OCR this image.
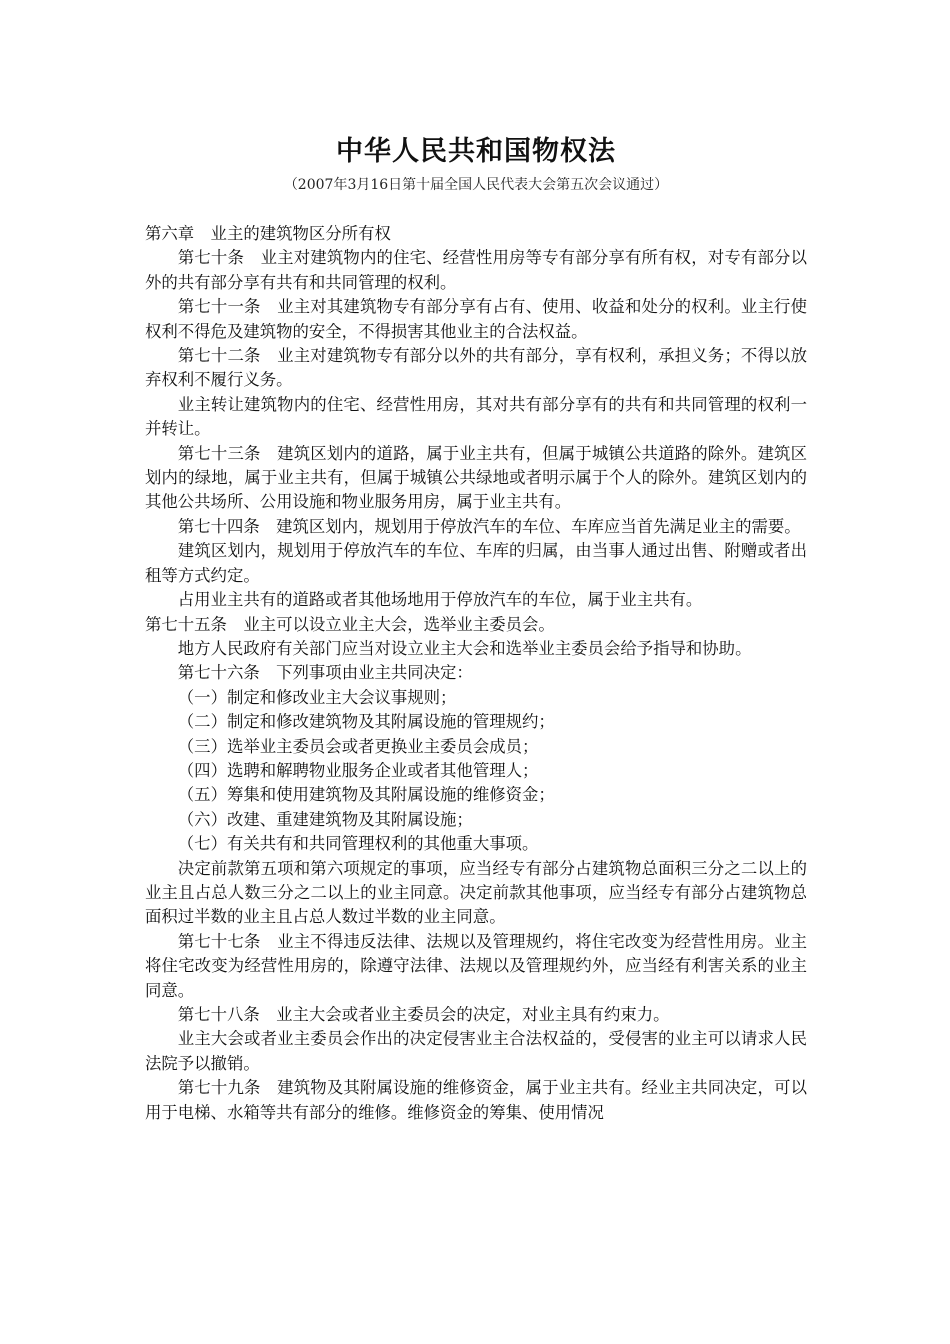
中华人民共和国物权法
（2007年3月16日第十届全国人民代表大会第五次会议通过）

第六章　业主的建筑物区分所有权

第七十条　业主对建筑物内的住宅、经营性用房等专有部分享有所有权，对专有部分以外的共有部分享有共有和共同管理的权利。

第七十一条　业主对其建筑物专有部分享有占有、使用、收益和处分的权利。业主行使权利不得危及建筑物的安全，不得损害其他业主的合法权益。

第七十二条　业主对建筑物专有部分以外的共有部分，享有权利，承担义务；不得以放弃权利不履行义务。

业主转让建筑物内的住宅、经营性用房，其对共有部分享有的共有和共同管理的权利一并转让。

第七十三条　建筑区划内的道路，属于业主共有，但属于城镇公共道路的除外。建筑区划内的绿地，属于业主共有，但属于城镇公共绿地或者明示属于个人的除外。建筑区划内的其他公共场所、公用设施和物业服务用房，属于业主共有。

第七十四条　建筑区划内，规划用于停放汽车的车位、车库应当首先满足业主的需要。

建筑区划内，规划用于停放汽车的车位、车库的归属，由当事人通过出售、附赠或者出租等方式约定。

占用业主共有的道路或者其他场地用于停放汽车的车位，属于业主共有。

第七十五条　业主可以设立业主大会，选举业主委员会。

地方人民政府有关部门应当对设立业主大会和选举业主委员会给予指导和协助。

第七十六条　下列事项由业主共同决定：

（一）制定和修改业主大会议事规则；

（二）制定和修改建筑物及其附属设施的管理规约；

（三）选举业主委员会或者更换业主委员会成员；

（四）选聘和解聘物业服务企业或者其他管理人；

（五）筹集和使用建筑物及其附属设施的维修资金；

（六）改建、重建建筑物及其附属设施；

（七）有关共有和共同管理权利的其他重大事项。

决定前款第五项和第六项规定的事项，应当经专有部分占建筑物总面积三分之二以上的业主且占总人数三分之二以上的业主同意。决定前款其他事项，应当经专有部分占建筑物总面积过半数的业主且占总人数过半数的业主同意。

第七十七条　业主不得违反法律、法规以及管理规约，将住宅改变为经营性用房。业主将住宅改变为经营性用房的，除遵守法律、法规以及管理规约外，应当经有利害关系的业主同意。

第七十八条　业主大会或者业主委员会的决定，对业主具有约束力。

业主大会或者业主委员会作出的决定侵害业主合法权益的，受侵害的业主可以请求人民法院予以撤销。

第七十九条　建筑物及其附属设施的维修资金，属于业主共有。经业主共同决定，可以用于电梯、水箱等共有部分的维修。维修资金的筹集、使用情况
